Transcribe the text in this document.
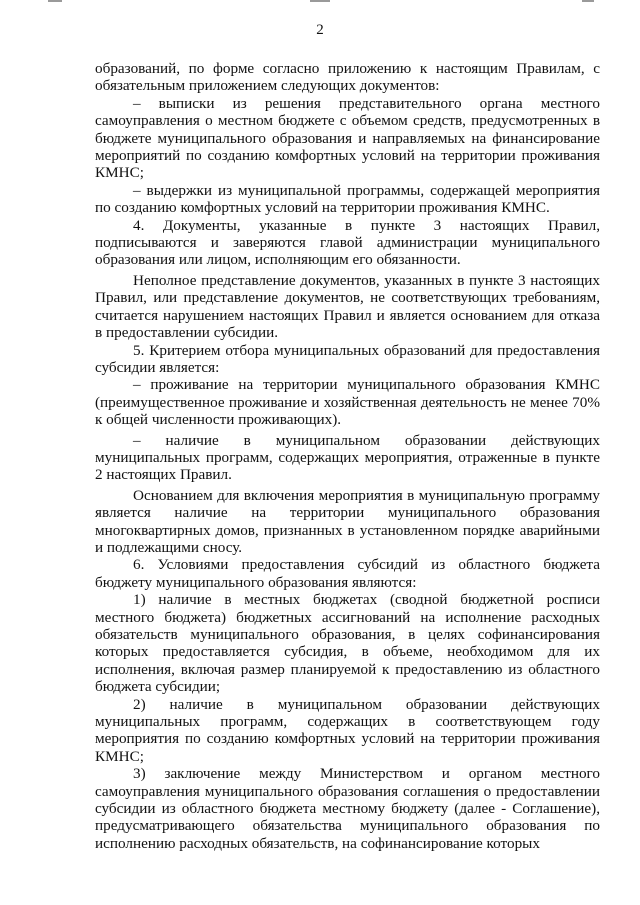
2

образований, по форме согласно приложению к настоящим Правилам, с обязательным приложением следующих документов:

– выписки из решения представительного органа местного самоуправления о местном бюджете с объемом средств, предусмотренных в бюджете муниципального образования и направляемых на финансирование мероприятий по созданию комфортных условий на территории проживания КМНС;

– выдержки из муниципальной программы, содержащей мероприятия по созданию комфортных условий на территории проживания КМНС.

4. Документы, указанные в пункте 3 настоящих Правил, подписываются и заверяются главой администрации муниципального образования или лицом, исполняющим его обязанности.

Неполное представление документов, указанных в пункте 3 настоящих Правил, или представление документов, не соответствующих требованиям, считается нарушением настоящих Правил и является основанием для отказа в предоставлении субсидии.

5. Критерием отбора муниципальных образований для предоставления субсидии является:

– проживание на территории муниципального образования КМНС (преимущественное проживание и хозяйственная деятельность не менее 70% к общей численности проживающих).

– наличие в муниципальном образовании действующих муниципальных программ, содержащих мероприятия, отраженные в пункте 2 настоящих Правил.

Основанием для включения мероприятия в муниципальную программу является наличие на территории муниципального образования многоквартирных домов, признанных в установленном порядке аварийными и подлежащими сносу.

6. Условиями предоставления субсидий из областного бюджета бюджету муниципального образования являются:

1) наличие в местных бюджетах (сводной бюджетной росписи местного бюджета) бюджетных ассигнований на исполнение расходных обязательств муниципального образования, в целях софинансирования которых предоставляется субсидия, в объеме, необходимом для их исполнения, включая размер планируемой к предоставлению из областного бюджета субсидии;

2) наличие в муниципальном образовании действующих муниципальных программ, содержащих в соответствующем году мероприятия по созданию комфортных условий на территории проживания КМНС;

3) заключение между Министерством и органом местного самоуправления муниципального образования соглашения о предоставлении субсидии из областного бюджета местному бюджету (далее - Соглашение), предусматривающего обязательства муниципального образования по исполнению расходных обязательств, на софинансирование которых
